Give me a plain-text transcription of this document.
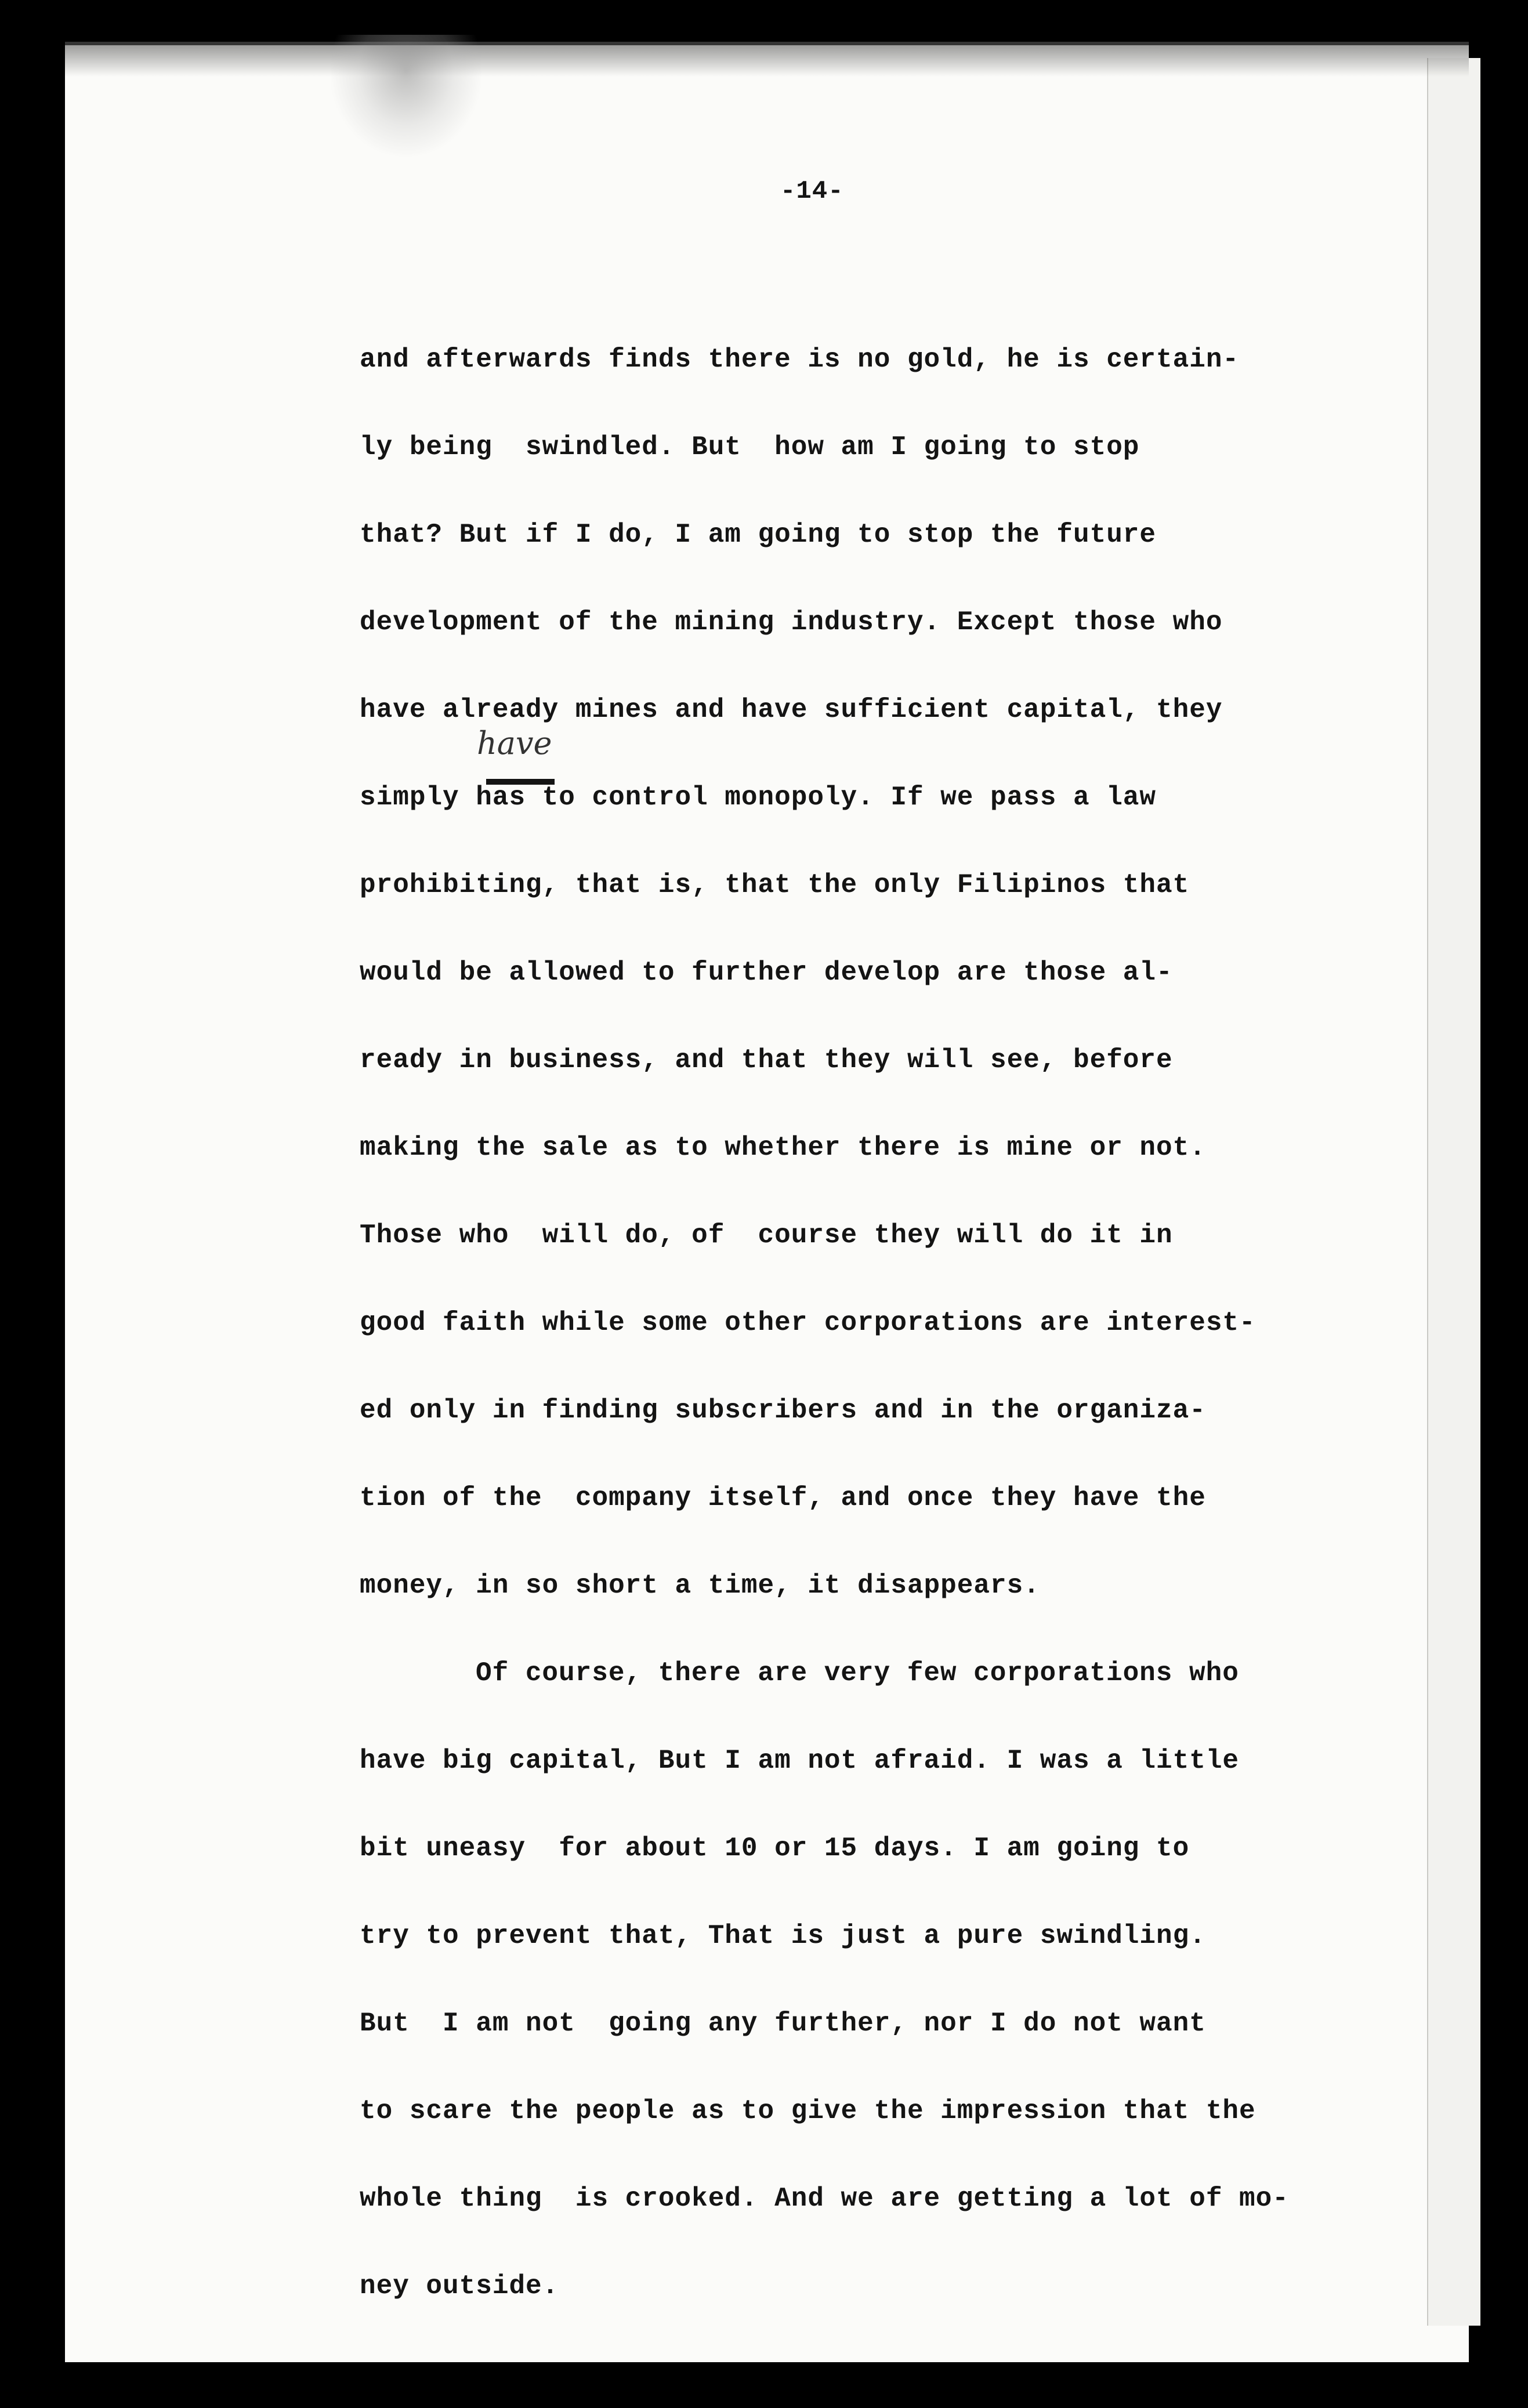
-14-
have
and afterwards finds there is no gold, he is certain-
ly being  swindled. But  how am I going to stop
that? But if I do, I am going to stop the future
development of the mining industry. Except those who
have already mines and have sufficient capital, they
simply has to control monopoly. If we pass a law
prohibiting, that is, that the only Filipinos that
would be allowed to further develop are those al-
ready in business, and that they will see, before
making the sale as to whether there is mine or not.
Those who  will do, of  course they will do it in
good faith while some other corporations are interest-
ed only in finding subscribers and in the organiza-
tion of the  company itself, and once they have the
money, in so short a time, it disappears.
Of course, there are very few corporations who
have big capital, But I am not afraid. I was a little
bit uneasy  for about 10 or 15 days. I am going to
try to prevent that, That is just a pure swindling.
But  I am not  going any further, nor I do not want
to scare the people as to give the impression that the
whole thing  is crooked. And we are getting a lot of mo-
ney outside.
